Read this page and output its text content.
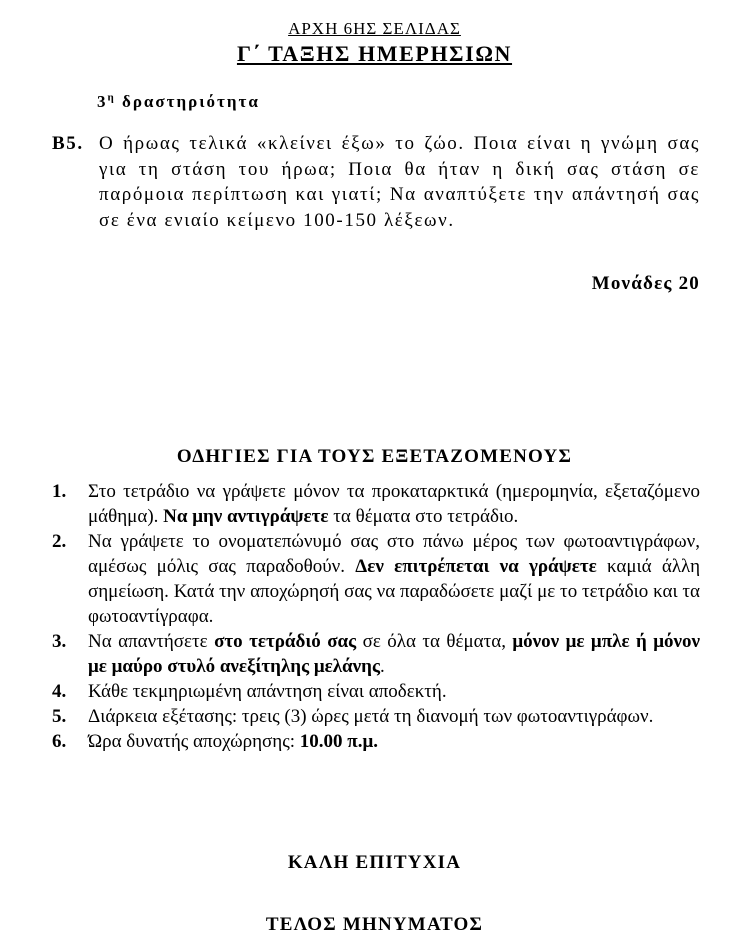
ΑΡΧΗ 6ΗΣ ΣΕΛΙΔΑΣ
Γ΄ ΤΑΞΗΣ ΗΜΕΡΗΣΙΩΝ
$3^\eta$ δραστηριότητα
Β5. Ο ήρωας τελικά «κλείνει έξω» το ζώο. Ποια είναι η γνώμη σας για τη στάση του ήρωα; Ποια θα ήταν η δική σας στάση σε παρόμοια περίπτωση και γιατί; Να αναπτύξετε την απάντησή σας σε ένα ενιαίο κείμενο 100-150 λέξεων.
Μονάδες 20
ΟΔΗΓΙΕΣ ΓΙΑ ΤΟΥΣ ΕΞΕΤΑΖΟΜΕΝΟΥΣ
1. Στο τετράδιο να γράψετε μόνον τα προκαταρκτικά (ημερομηνία, εξεταζόμενο μάθημα). Να μην αντιγράψετε τα θέματα στο τετράδιο.
2. Να γράψετε το ονοματεπώνυμό σας στο πάνω μέρος των φωτοαντιγράφων, αμέσως μόλις σας παραδοθούν. Δεν επιτρέπεται να γράψετε καμιά άλλη σημείωση. Κατά την αποχώρησή σας να παραδώσετε μαζί με το τετράδιο και τα φωτοαντίγραφα.
3. Να απαντήσετε στο τετράδιό σας σε όλα τα θέματα, μόνον με μπλε ή μόνον με μαύρο στυλό ανεξίτηλης μελάνης.
4. Κάθε τεκμηριωμένη απάντηση είναι αποδεκτή.
5. Διάρκεια εξέτασης: τρεις (3) ώρες μετά τη διανομή των φωτοαντιγράφων.
6. Ώρα δυνατής αποχώρησης: 10.00 π.μ.
ΚΑΛΗ ΕΠΙΤΥΧΙΑ
ΤΕΛΟΣ ΜΗΝΥΜΑΤΟΣ
